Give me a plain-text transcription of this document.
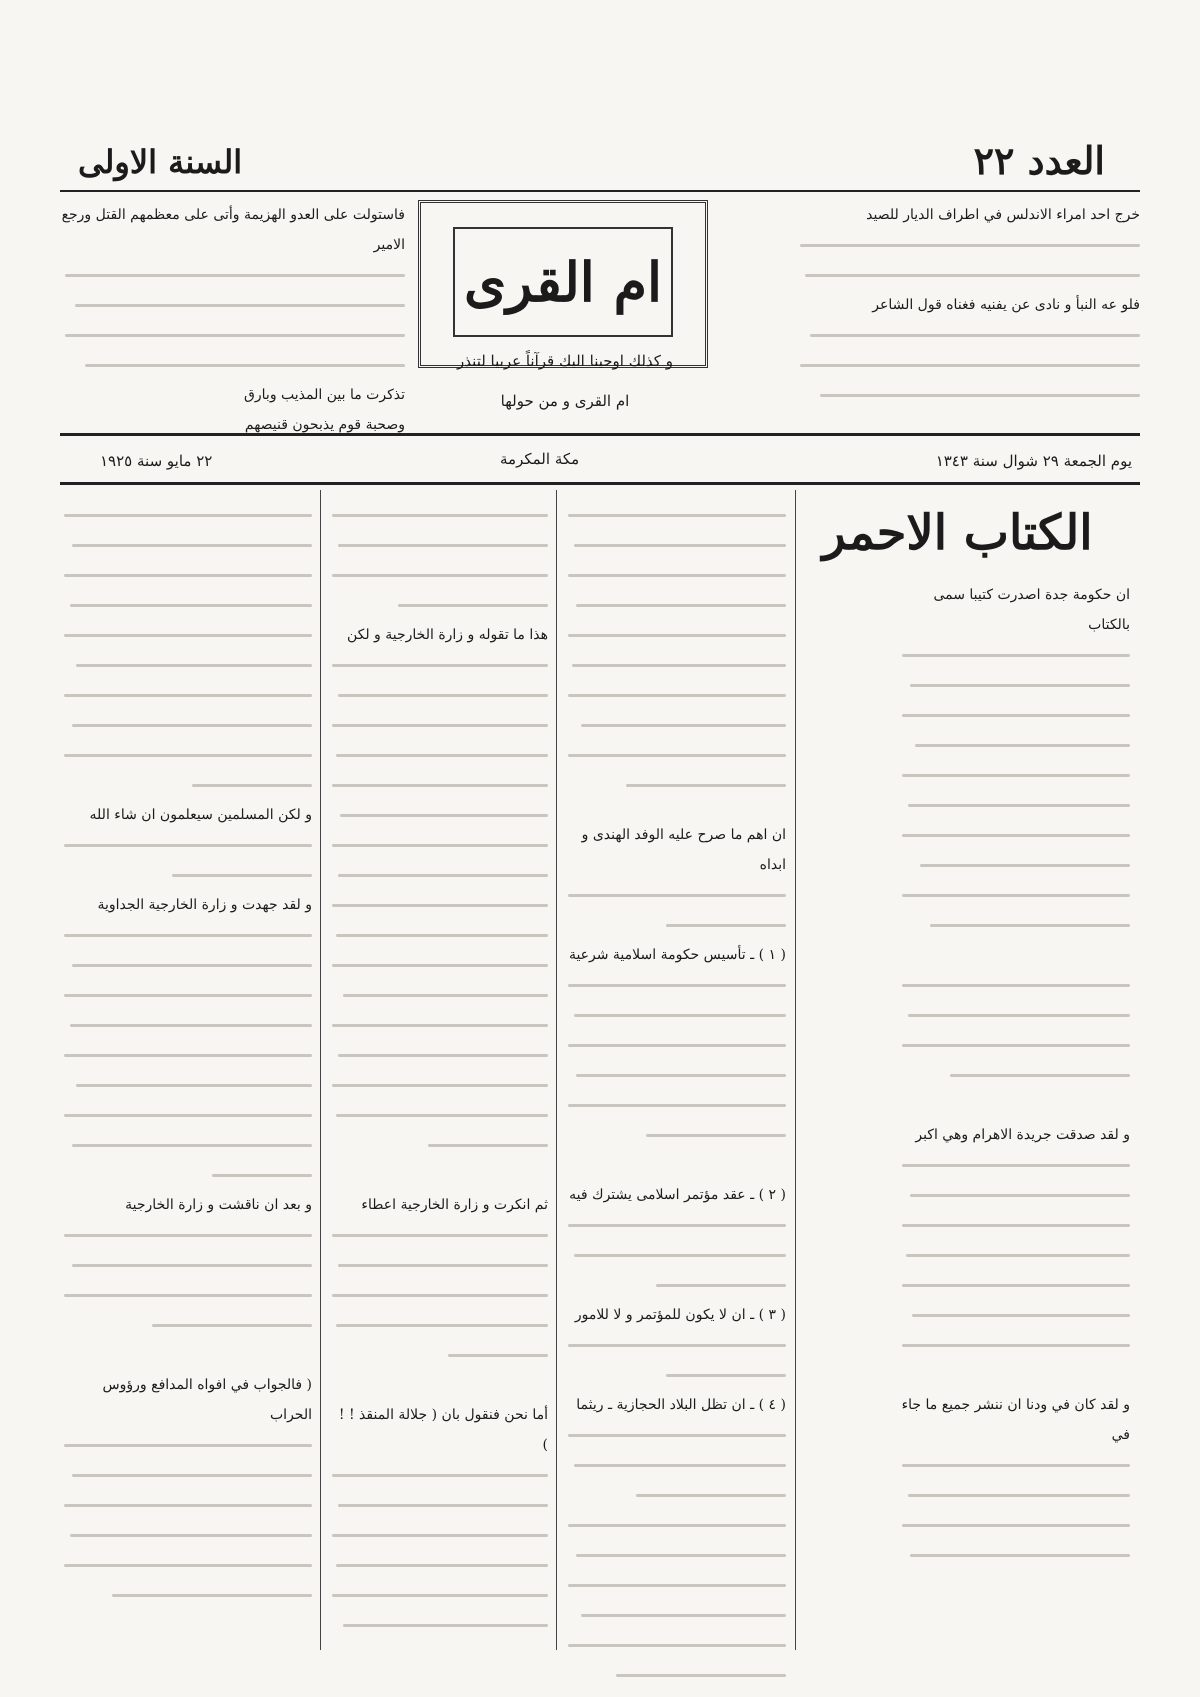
العدد ٢٢
السنة الاولى
فاستولت على العدو الهزيمة وأتى على معظمهم القتل ورجع الامير
تذكرت ما بين المذيب وبارق
وصحبة قوم يذبحون قنيصهم
ام القرى
و كذلك اوحينا اليك قرآناً عربيا لتنذر
ام القرى و من حولها
خرج احد امراء الاندلس في اطراف الديار للصيد
فلو عه النبأ و نادى عن يفنيه فغناه قول الشاعر
يوم الجمعة ٢٩ شوال سنة ١٣٤٣
مكة المكرمة
٢٢ مايو سنة ١٩٢٥
الكتاب الاحمر
ان حكومة جدة اصدرت كتيبا سمى بالكتاب
و لقد صدقت جريدة الاهرام وهي اكبر
و لقد كان في ودنا ان ننشر جميع ما جاء في
ان اهم ما صرح عليه الوفد الهندى و ابداه
( ١ ) ـ تأسيس حكومة اسلامية شرعية
( ٢ ) ـ عقد مؤتمر اسلامى يشترك فيه
( ٣ ) ـ ان لا يكون للمؤتمر و لا للامور
( ٤ ) ـ ان تظل البلاد الحجازية ـ ريثما
هذا ما تقوله و زارة الخارجية و لكن
ثم انكرت و زارة الخارجية اعطاء
أما نحن فنقول بان ( جلالة المنقذ ! ! )
و لكن المسلمين سيعلمون ان شاء الله
و لقد جهدت و زارة الخارجية الجداوية
و بعد ان ناقشت و زارة الخارجية
( فالجواب في افواه المدافع ورؤوس الحراب
